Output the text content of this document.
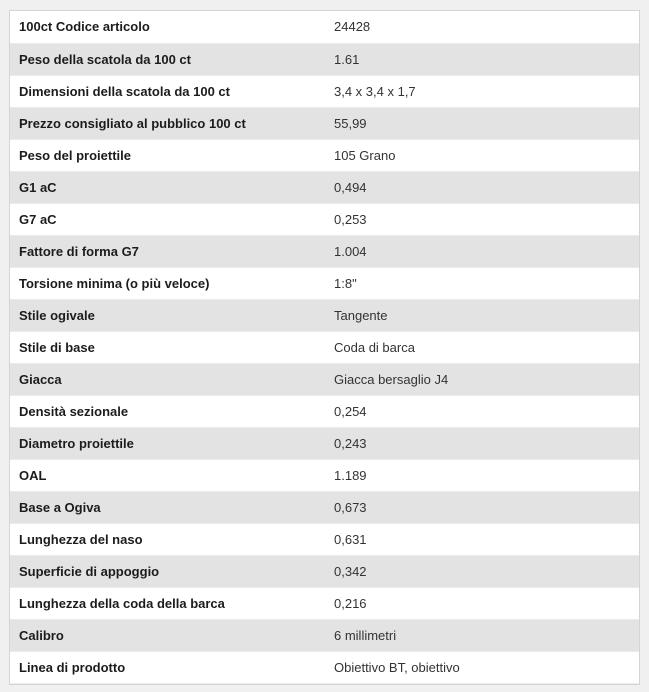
100ct Codice articolo	24428
Peso della scatola da 100 ct	1.61
Dimensioni della scatola da 100 ct	3,4 x 3,4 x 1,7
Prezzo consigliato al pubblico 100 ct	55,99
Peso del proiettile	105 Grano
G1 aC	0,494
G7 aC	0,253
Fattore di forma G7	1.004
Torsione minima (o più veloce)	1:8"
Stile ogivale	Tangente
Stile di base	Coda di barca
Giacca	Giacca bersaglio J4
Densità sezionale	0,254
Diametro proiettile	0,243
OAL	1.189
Base a Ogiva	0,673
Lunghezza del naso	0,631
Superficie di appoggio	0,342
Lunghezza della coda della barca	0,216
Calibro	6 millimetri
Linea di prodotto	Obiettivo BT, obiettivo
